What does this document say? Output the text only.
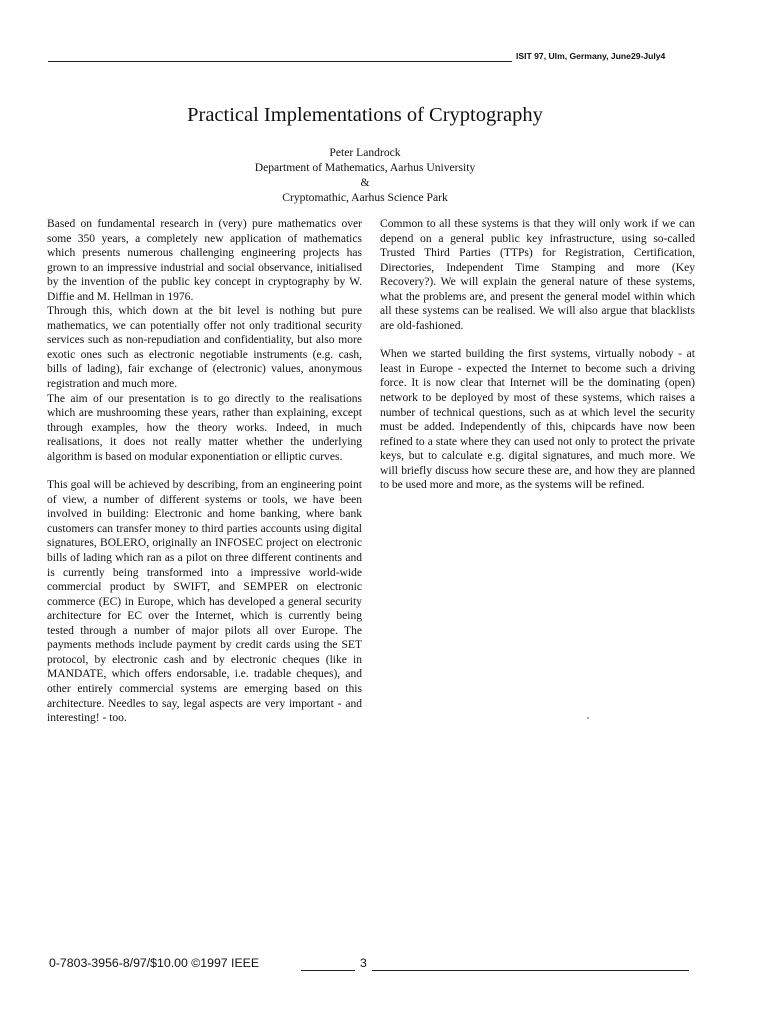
ISIT 97, Ulm, Germany, June29-July4
Practical Implementations of Cryptography
Peter Landrock
Department of Mathematics, Aarhus University
&
Cryptomathic, Aarhus Science Park

Based on fundamental research in (very) pure mathematics over some 350 years, a completely new application of mathematics which presents numerous challenging engineering projects has grown to an impressive industrial and social observance, initialised by the invention of the public key concept in cryptography by W. Diffie and M. Hellman in 1976.

Through this, which down at the bit level is nothing but pure mathematics, we can potentially offer not only traditional security services such as non-repudiation and confidentiality, but also more exotic ones such as electronic negotiable instruments (e.g. cash, bills of lading), fair exchange of (electronic) values, anonymous registration and much more.

The aim of our presentation is to go directly to the realisations which are mushrooming these years, rather than explaining, except through examples, how the theory works. Indeed, in much realisations, it does not really matter whether the underlying algorithm is based on modular exponentiation or elliptic curves.

This goal will be achieved by describing, from an engineering point of view, a number of different systems or tools, we have been involved in building: Electronic and home banking, where bank customers can transfer money to third parties accounts using digital signatures, BOLERO, originally an INFOSEC project on electronic bills of lading which ran as a pilot on three different continents and is currently being transformed into a impressive world-wide commercial product by SWIFT, and SEMPER on electronic commerce (EC) in Europe, which has developed a general security architecture for EC over the Internet, which is currently being tested through a number of major pilots all over Europe. The payments methods include payment by credit cards using the SET protocol, by electronic cash and by electronic cheques (like in MANDATE, which offers endorsable, i.e. tradable cheques), and other entirely commercial systems are emerging based on this architecture. Needles to say, legal aspects are very important - and interesting! - too.

Common to all these systems is that they will only work if we can depend on a general public key infrastructure, using so-called Trusted Third Parties (TTPs) for Registration, Certification, Directories, Independent Time Stamping and more (Key Recovery?). We will explain the general nature of these systems, what the problems are, and present the general model within which all these systems can be realised. We will also argue that blacklists are old-fashioned.

When we started building the first systems, virtually nobody - at least in Europe - expected the Internet to become such a driving force. It is now clear that Internet will be the dominating (open) network to be deployed by most of these systems, which raises a number of technical questions, such as at which level the security must be added. Independently of this, chipcards have now been refined to a state where they can used not only to protect the private keys, but to calculate e.g. digital signatures, and much more. We will briefly discuss how secure these are, and how they are planned to be used more and more, as the systems will be refined.

0-7803-3956-8/97/$10.00 ©1997 IEEE	3
